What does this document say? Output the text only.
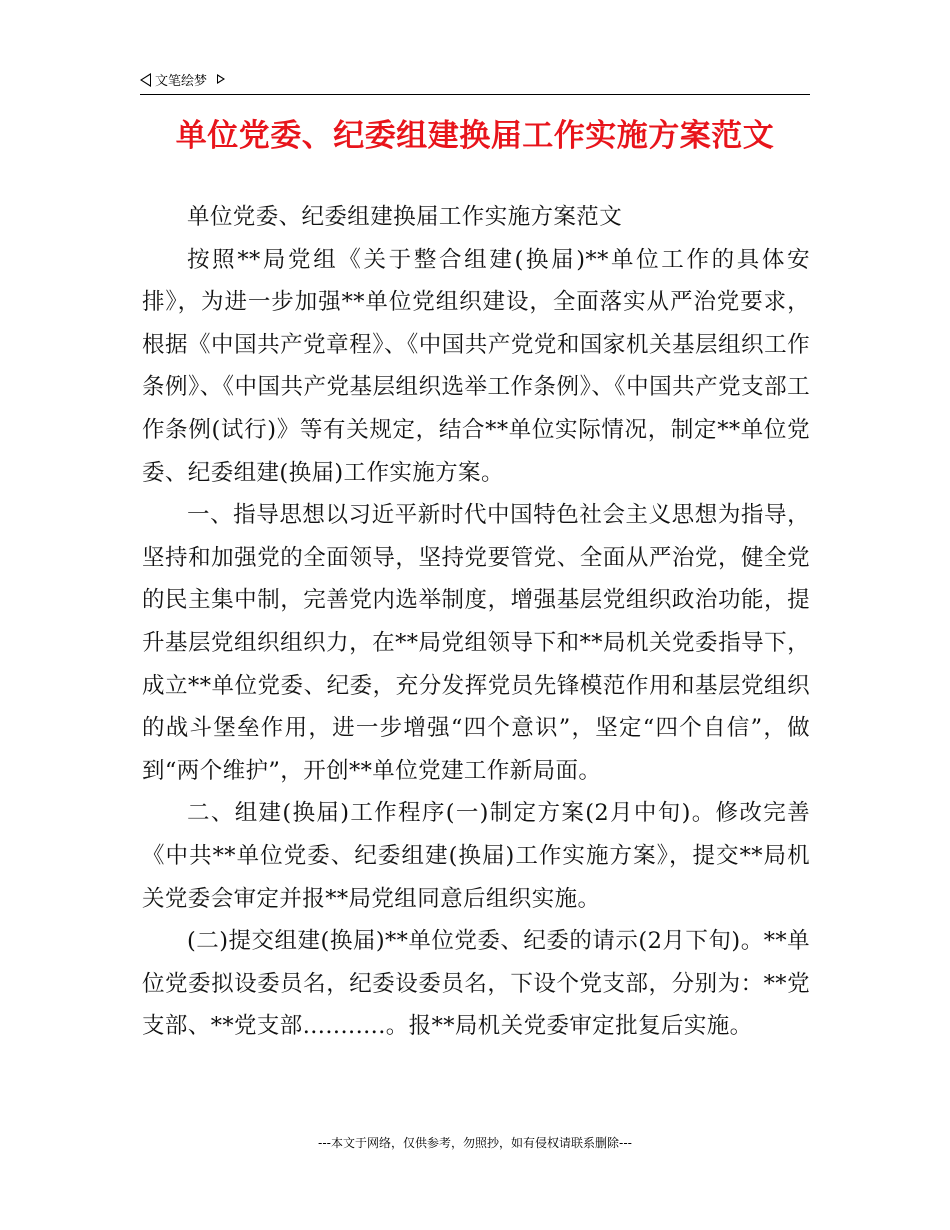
文笔绘梦
单位党委、纪委组建换届工作实施方案范文

单位党委、纪委组建换届工作实施方案范文

按照**局党组《关于整合组建(换届)**单位工作的具体安排》，为进一步加强**单位党组织建设，全面落实从严治党要求，根据《中国共产党章程》、《中国共产党党和国家机关基层组织工作条例》、《中国共产党基层组织选举工作条例》、《中国共产党支部工作条例(试行)》等有关规定，结合**单位实际情况，制定**单位党委、纪委组建(换届)工作实施方案。

一、指导思想以习近平新时代中国特色社会主义思想为指导，坚持和加强党的全面领导，坚持党要管党、全面从严治党，健全党的民主集中制，完善党内选举制度，增强基层党组织政治功能，提升基层党组织组织力，在**局党组领导下和**局机关党委指导下，成立**单位党委、纪委，充分发挥党员先锋模范作用和基层党组织的战斗堡垒作用，进一步增强“四个意识”，坚定“四个自信”，做到“两个维护”，开创**单位党建工作新局面。

二、组建(换届)工作程序(一)制定方案(2月中旬)。修改完善《中共**单位党委、纪委组建(换届)工作实施方案》，提交**局机关党委会审定并报**局党组同意后组织实施。

(二)提交组建(换届)**单位党委、纪委的请示(2月下旬)。**单位党委拟设委员名，纪委设委员名，下设个党支部，分别为：**党支部、**党支部...........。报**局机关党委审定批复后实施。

---本文于网络，仅供参考，勿照抄，如有侵权请联系删除---
